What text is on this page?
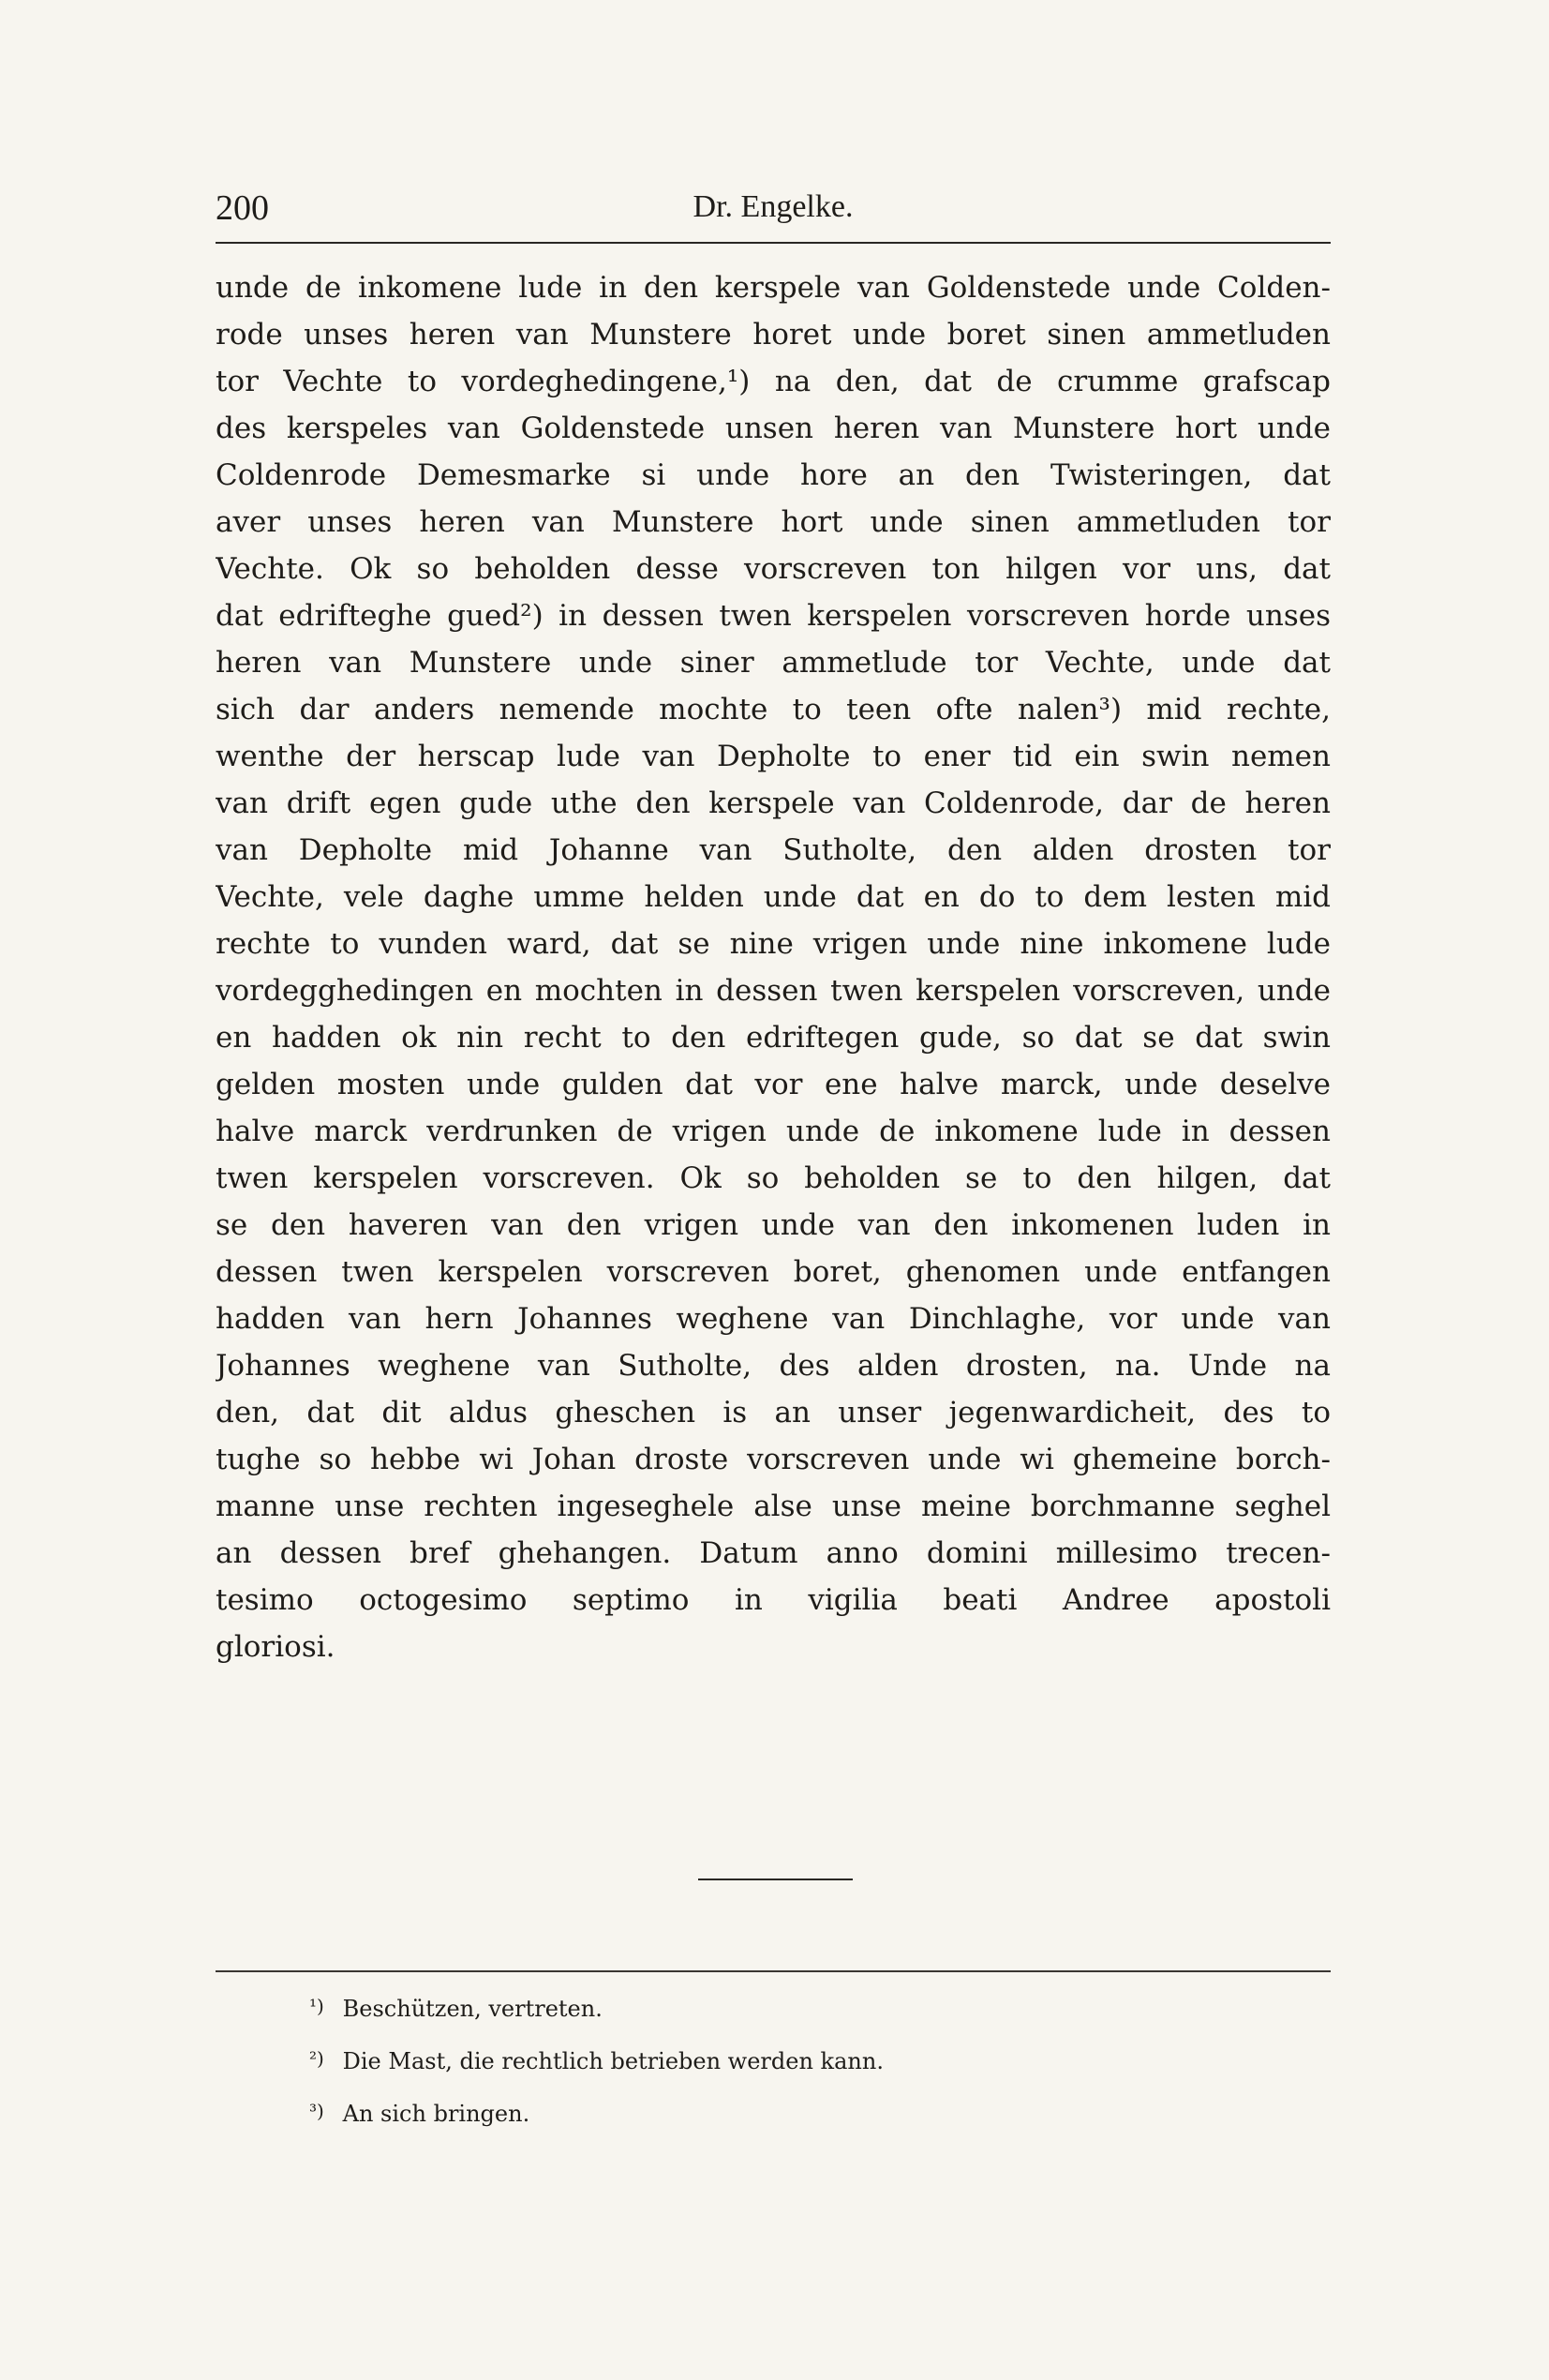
200	Dr. Engelke.
unde de inkomene lude in den kerspele van Goldenstede unde Colden-
rode unses heren van Munstere horet unde boret sinen ammetluden
tor Vechte to vordeghedingene,¹) na den, dat de crumme grafscap
des kerspeles van Goldenstede unsen heren van Munstere hort unde
Coldenrode Demesmarke si unde hore an den Twisteringen, dat
aver unses heren van Munstere hort unde sinen ammetluden tor
Vechte. Ok so beholden desse vorscreven ton hilgen vor uns, dat
dat edrifteghe gued²) in dessen twen kerspelen vorscreven horde unses
heren van Munstere unde siner ammetlude tor Vechte, unde dat
sich dar anders nemende mochte to teen ofte nalen³) mid rechte,
wenthe der herscap lude van Depholte to ener tid ein swin nemen
van drift egen gude uthe den kerspele van Coldenrode, dar de heren
van Depholte mid Johanne van Sutholte, den alden drosten tor
Vechte, vele daghe umme helden unde dat en do to dem lesten mid
rechte to vunden ward, dat se nine vrigen unde nine inkomene lude
vordegghedingen en mochten in dessen twen kerspelen vorscreven, unde
en hadden ok nin recht to den edriftegen gude, so dat se dat swin
gelden mosten unde gulden dat vor ene halve marck, unde deselve
halve marck verdrunken de vrigen unde de inkomene lude in dessen
twen kerspelen vorscreven. Ok so beholden se to den hilgen, dat
se den haveren van den vrigen unde van den inkomenen luden in
dessen twen kerspelen vorscreven boret, ghenomen unde entfangen
hadden van hern Johannes weghene van Dinchlaghe, vor unde van
Johannes weghene van Sutholte, des alden drosten, na. Unde na
den, dat dit aldus gheschen is an unser jegenwardicheit, des to
tughe so hebbe wi Johan droste vorscreven unde wi ghemeine borch-
manne unse rechten ingeseghele alse unse meine borchmanne seghel
an dessen bref ghehangen. Datum anno domini millesimo trecen-
tesimo octogesimo septimo in vigilia beati Andree apostoli
gloriosi.
¹) Beschützen, vertreten.
²) Die Mast, die rechtlich betrieben werden kann.
³) An sich bringen.
